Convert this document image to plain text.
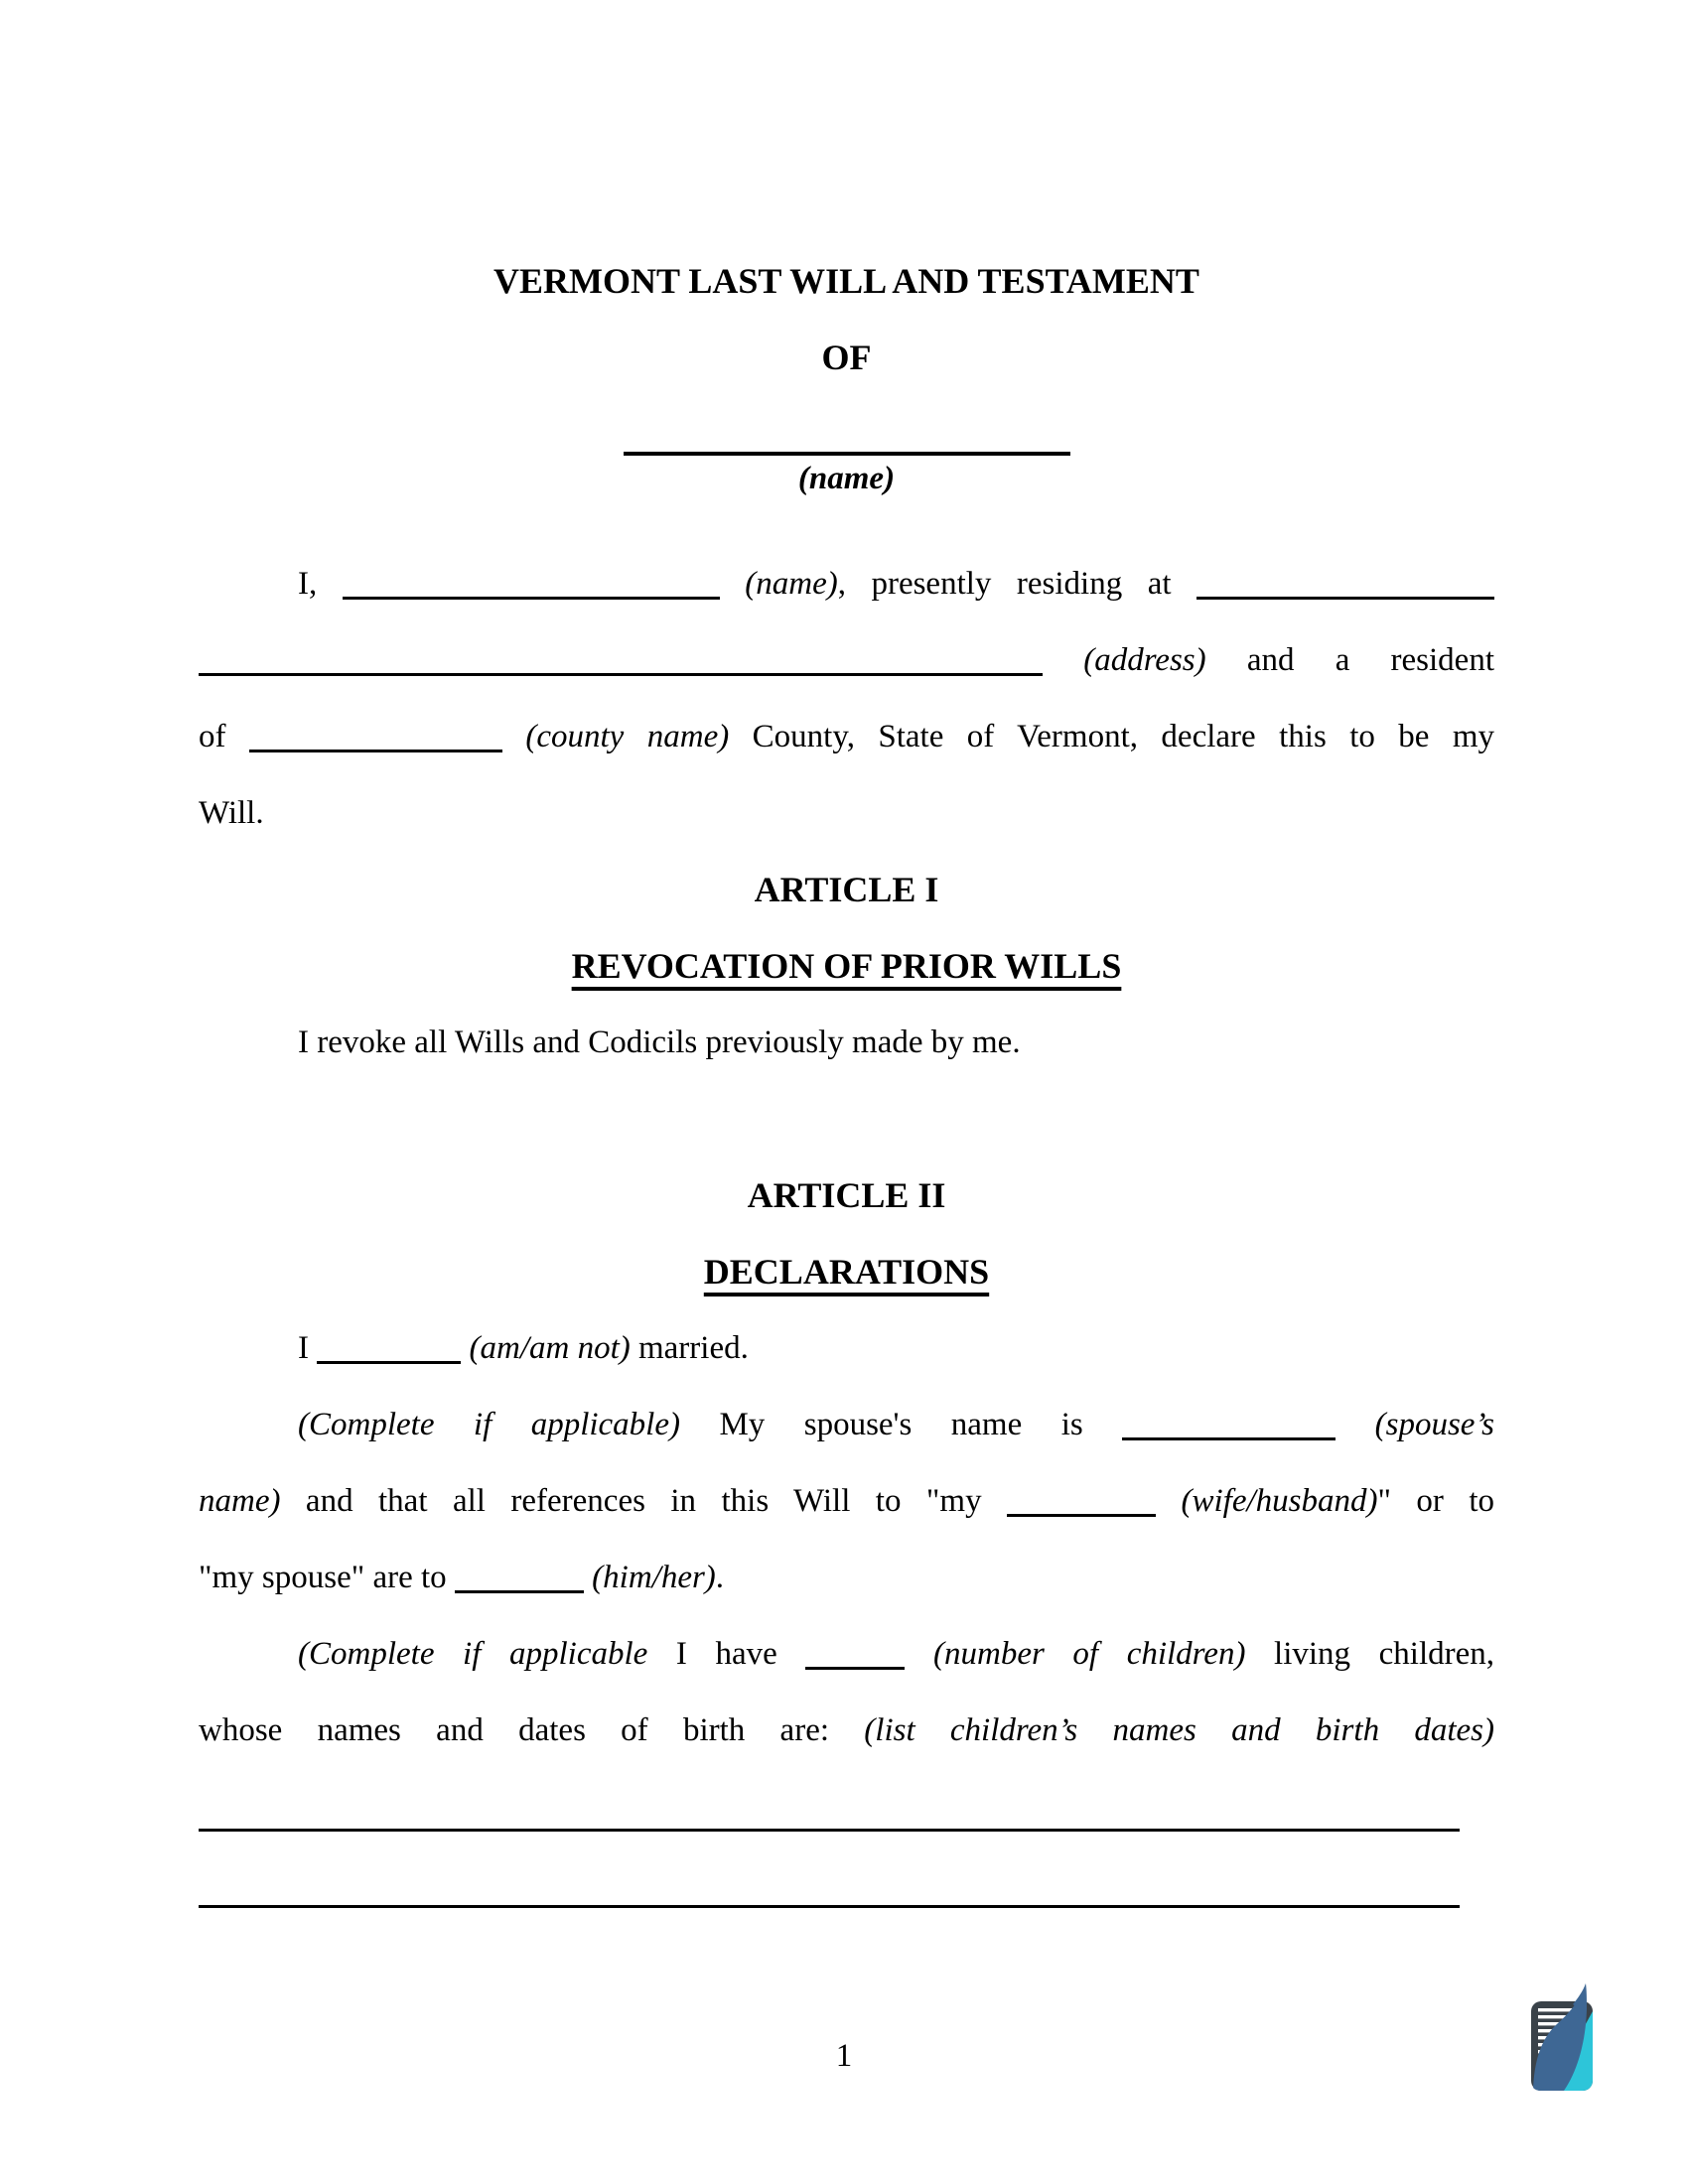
VERMONT LAST WILL AND TESTAMENT
OF
(name)
I,	(name), presently residing at
(address) and a resident
of	(county name) County, State of Vermont, declare this to be my
Will.
ARTICLE I
REVOCATION OF PRIOR WILLS
I revoke all Wills and Codicils previously made by me.
ARTICLE II
DECLARATIONS
I	(am/am not) married.
(Complete if applicable) My spouse's name is	(spouse’s
name) and that all references in this Will to "my	(wife/husband)" or to
"my spouse" are to	(him/her).
(Complete if applicable I have	(number of children) living children,
whose names and dates of birth are: (list children’s names and birth dates)
1
